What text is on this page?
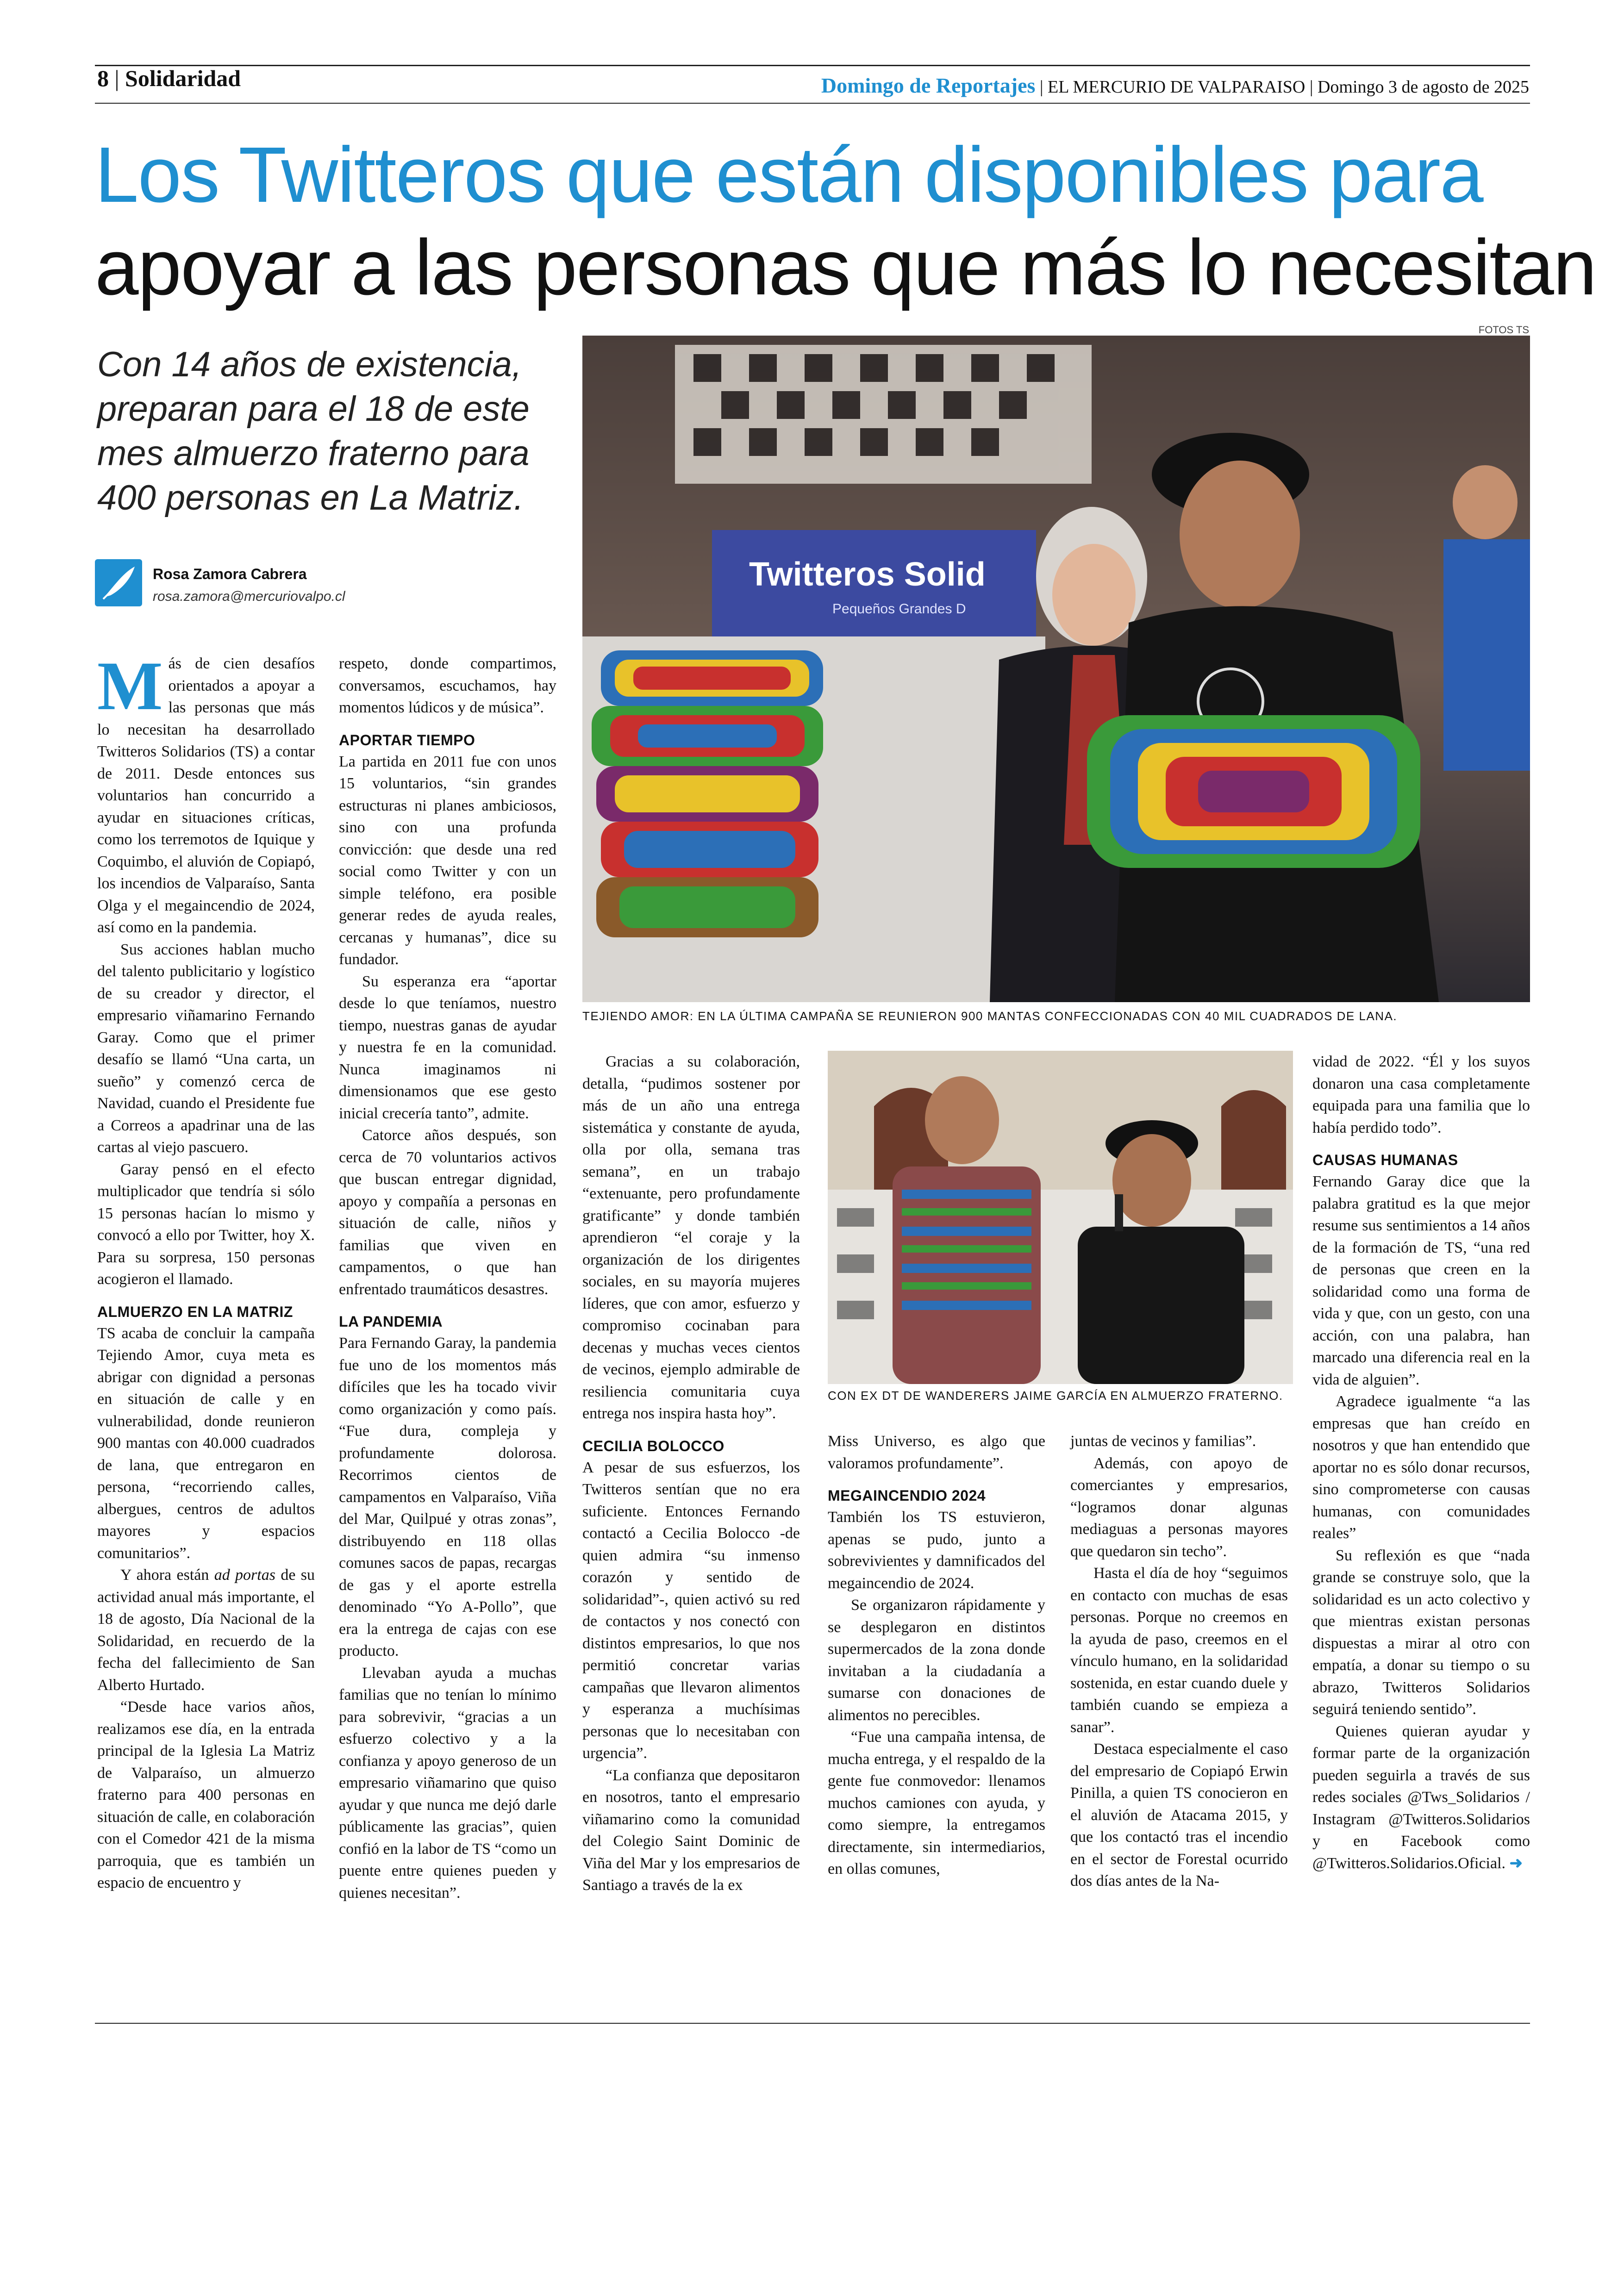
8 | Solidaridad	Domingo de Reportajes | EL MERCURIO DE VALPARAISO | Domingo 3 de agosto de 2025
Los Twitteros que están disponibles para
apoyar a las personas que más lo necesitan
FOTOS TS
Con 14 años de existencia, preparan para el 18 de este mes almuerzo fraterno para 400 personas en La Matriz.
Rosa Zamora Cabrera
rosa.zamora@mercuriovalpo.cl
Twitteros Solid
Pequeños Grandes D
TEJIENDO AMOR: EN LA ÚLTIMA CAMPAÑA SE REUNIERON 900 MANTAS CONFECCIONADAS CON 40 MIL CUADRADOS DE LANA.
CON EX DT DE WANDERERS JAIME GARCÍA EN ALMUERZO FRATERNO.

Más de cien desafíos orientados a apoyar a las personas que más lo necesitan ha desarrollado Twitteros Solidarios (TS) a contar de 2011. Desde entonces sus voluntarios han concurrido a ayudar en situaciones críticas, como los terremotos de Iquique y Coquimbo, el aluvión de Copiapó, los incendios de Valparaíso, Santa Olga y el megaincendio de 2024, así como en la pandemia.

Sus acciones hablan mucho del talento publicitario y logístico de su creador y director, el empresario viñamarino Fernando Garay. Como que el primer desafío se llamó “Una carta, un sueño” y comenzó cerca de Navidad, cuando el Presidente fue a Correos a apadrinar una de las cartas al viejo pascuero.

Garay pensó en el efecto multiplicador que tendría si sólo 15 personas hacían lo mismo y convocó a ello por Twitter, hoy X. Para su sorpresa, 150 personas acogieron el llamado.

ALMUERZO EN LA MATRIZ

TS acaba de concluir la campaña Tejiendo Amor, cuya meta es abrigar con dignidad a personas en situación de calle y en vulnerabilidad, donde reunieron 900 mantas con 40.000 cuadrados de lana, que entregaron en persona, “recorriendo calles, albergues, centros de adultos mayores y espacios comunitarios”.

Y ahora están ad portas de su actividad anual más importante, el 18 de agosto, Día Nacional de la Solidaridad, en recuerdo de la fecha del fallecimiento de San Alberto Hurtado.

“Desde hace varios años, realizamos ese día, en la entrada principal de la Iglesia La Matriz de Valparaíso, un almuerzo fraterno para 400 personas en situación de calle, en colaboración con el Comedor 421 de la misma parroquia, que es también un espacio de encuentro y

respeto, donde compartimos, conversamos, escuchamos, hay momentos lúdicos y de música”.

APORTAR TIEMPO

La partida en 2011 fue con unos 15 voluntarios, “sin grandes estructuras ni planes ambiciosos, sino con una profunda convicción: que desde una red social como Twitter y con un simple teléfono, era posible generar redes de ayuda reales, cercanas y humanas”, dice su fundador.

Su esperanza era “aportar desde lo que teníamos, nuestro tiempo, nuestras ganas de ayudar y nuestra fe en la comunidad. Nunca imaginamos ni dimensionamos que ese gesto inicial crecería tanto”, admite.

Catorce años después, son cerca de 70 voluntarios activos que buscan entregar dignidad, apoyo y compañía a personas en situación de calle, niños y familias que viven en campamentos, o que han enfrentado traumáticos desastres.

LA PANDEMIA

Para Fernando Garay, la pandemia fue uno de los momentos más difíciles que les ha tocado vivir como organización y como país. “Fue dura, compleja y profundamente dolorosa. Recorrimos cientos de campamentos en Valparaíso, Viña del Mar, Quilpué y otras zonas”, distribuyendo en 118 ollas comunes sacos de papas, recargas de gas y el aporte estrella denominado “Yo A-Pollo”, que era la entrega de cajas con ese producto.

Llevaban ayuda a muchas familias que no tenían lo mínimo para sobrevivir, “gracias a un esfuerzo colectivo y a la confianza y apoyo generoso de un empresario viñamarino que quiso ayudar y que nunca me dejó darle públicamente las gracias”, quien confió en la labor de TS “como un puente entre quienes pueden y quienes necesitan”.

Gracias a su colaboración, detalla, “pudimos sostener por más de un año una entrega sistemática y constante de ayuda, olla por olla, semana tras semana”, en un trabajo “extenuante, pero profundamente gratificante” y donde también aprendieron “el coraje y la organización de los dirigentes sociales, en su mayoría mujeres líderes, que con amor, esfuerzo y compromiso cocinaban para decenas y muchas veces cientos de vecinos, ejemplo admirable de resiliencia comunitaria cuya entrega nos inspira hasta hoy”.

CECILIA BOLOCCO

A pesar de sus esfuerzos, los Twitteros sentían que no era suficiente. Entonces Fernando contactó a Cecilia Bolocco -de quien admira “su inmenso corazón y sentido de solidaridad”-, quien activó su red de contactos y nos conectó con distintos empresarios, lo que nos permitió concretar varias campañas que llevaron alimentos y esperanza a muchísimas personas que lo necesitaban con urgencia”.

“La confianza que depositaron en nosotros, tanto el empresario viñamarino como la comunidad del Colegio Saint Dominic de Viña del Mar y los empresarios de Santiago a través de la ex

Miss Universo, es algo que valoramos profundamente”.

MEGAINCENDIO 2024

También los TS estuvieron, apenas se pudo, junto a sobrevivientes y damnificados del megaincendio de 2024.

Se organizaron rápidamente y se desplegaron en distintos supermercados de la zona donde invitaban a la ciudadanía a sumarse con donaciones de alimentos no perecibles.

“Fue una campaña intensa, de mucha entrega, y el respaldo de la gente fue conmovedor: llenamos muchos camiones con ayuda, y como siempre, la entregamos directamente, sin intermediarios, en ollas comunes,

juntas de vecinos y familias”.

Además, con apoyo de comerciantes y empresarios, “logramos donar algunas mediaguas a personas mayores que quedaron sin techo”.

Hasta el día de hoy “seguimos en contacto con muchas de esas personas. Porque no creemos en la ayuda de paso, creemos en el vínculo humano, en la solidaridad sostenida, en estar cuando duele y también cuando se empieza a sanar”.

Destaca especialmente el caso del empresario de Copiapó Erwin Pinilla, a quien TS conocieron en el aluvión de Atacama 2015, y que los contactó tras el incendio en el sector de Forestal ocurrido dos días antes de la Na-

vidad de 2022. “Él y los suyos donaron una casa completamente equipada para una familia que lo había perdido todo”.

CAUSAS HUMANAS

Fernando Garay dice que la palabra gratitud es la que mejor resume sus sentimientos a 14 años de la formación de TS, “una red de personas que creen en la solidaridad como una forma de vida y que, con un gesto, con una acción, con una palabra, han marcado una diferencia real en la vida de alguien”.

Agradece igualmente “a las empresas que han creído en nosotros y que han entendido que aportar no es sólo donar recursos, sino comprometerse con causas humanas, con comunidades reales”

Su reflexión es que “nada grande se construye solo, que la solidaridad es un acto colectivo y que mientras existan personas dispuestas a mirar al otro con empatía, a donar su tiempo o su abrazo, Twitteros Solidarios seguirá teniendo sentido”.

Quienes quieran ayudar y formar parte de la organización pueden seguirla a través de sus redes sociales @Tws_Solidarios / Instagram @Twitteros.Solidarios y en Facebook como @Twitteros.Solidarios.Oficial. ➜
